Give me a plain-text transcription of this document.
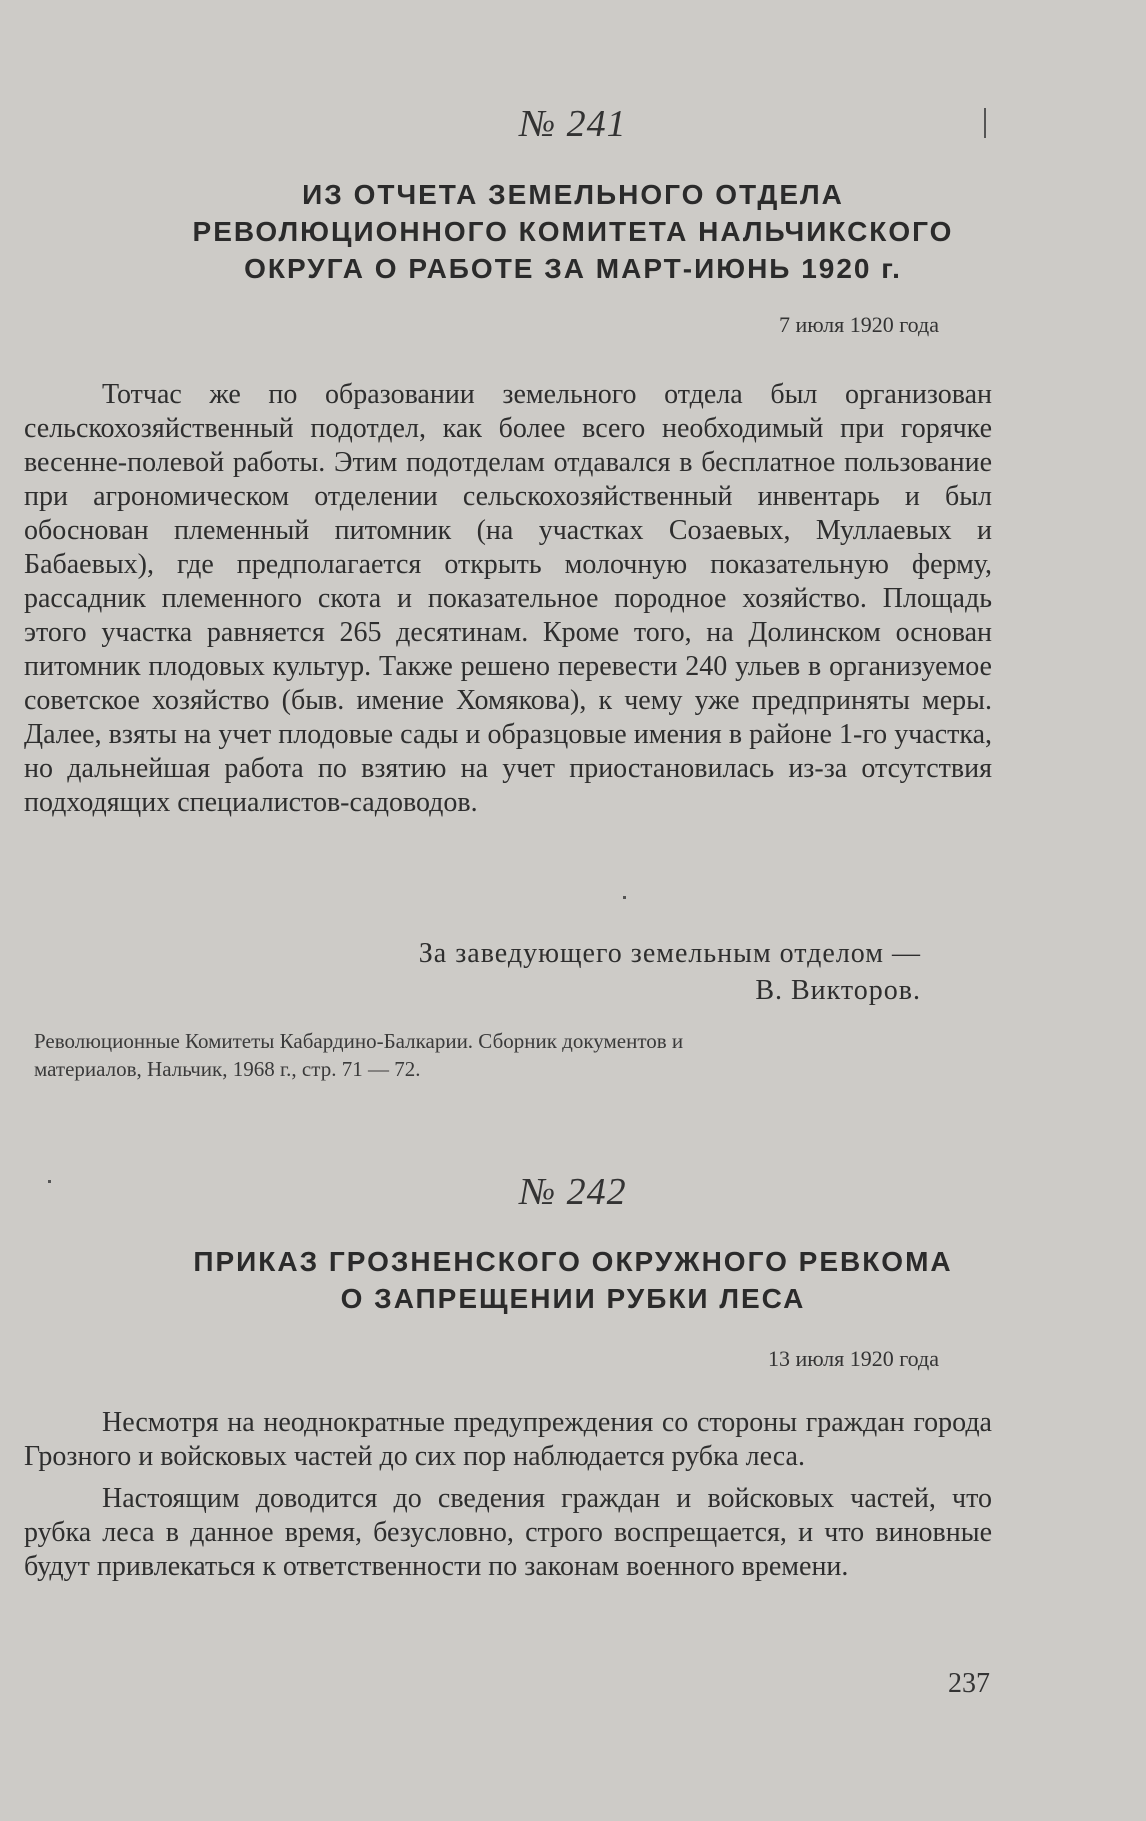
№ 241
ИЗ ОТЧЕТА ЗЕМЕЛЬНОГО ОТДЕЛА
РЕВОЛЮЦИОННОГО КОМИТЕТА НАЛЬЧИКСКОГО
ОКРУГА О РАБОТЕ ЗА МАРТ-ИЮНЬ 1920 г.
7 июля 1920 года

Тотчас же по образовании земельного отдела был организован сельскохозяйственный подотдел, как более всего необходимый при горячке весенне-полевой работы. Этим подотделам отдавался в бесплатное пользование при агрономическом отделении сельскохозяйственный инвентарь и был обоснован племенный питомник (на участках Созаевых, Муллаевых и Бабаевых), где предполагается открыть молочную показательную ферму, рассадник племенного скота и показательное породное хозяйство. Площадь этого участка равняется 265 десятинам. Кроме того, на Долинском основан питомник плодовых культур. Также решено перевести 240 ульев в организуемое советское хозяйство (быв. имение Хомякова), к чему уже предприняты меры. Далее, взяты на учет плодовые сады и образцовые имения в районе 1-го участка, но дальнейшая работа по взятию на учет приостановилась из-за отсутствия подходящих специалистов-садоводов.

За заведующего земельным отделом —
В. Викторов.
Революционные Комитеты Кабардино-Балкарии. Сборник документов и материалов, Нальчик, 1968 г., стр. 71 — 72.
№ 242
ПРИКАЗ ГРОЗНЕНСКОГО ОКРУЖНОГО РЕВКОМА
О ЗАПРЕЩЕНИИ РУБКИ ЛЕСА
13 июля 1920 года

Несмотря на неоднократные предупреждения со стороны граждан города Грозного и войсковых частей до сих пор наблюдается рубка леса.

Настоящим доводится до сведения граждан и войсковых частей, что рубка леса в данное время, безусловно, строго воспрещается, и что виновные будут привлекаться к ответственности по законам военного времени.

237
